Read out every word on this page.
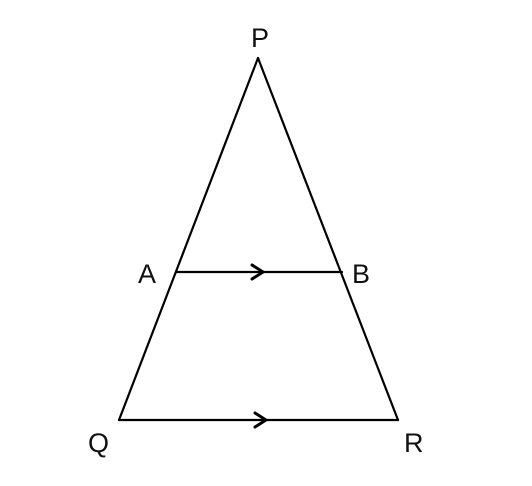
P
A	B
Q	R
